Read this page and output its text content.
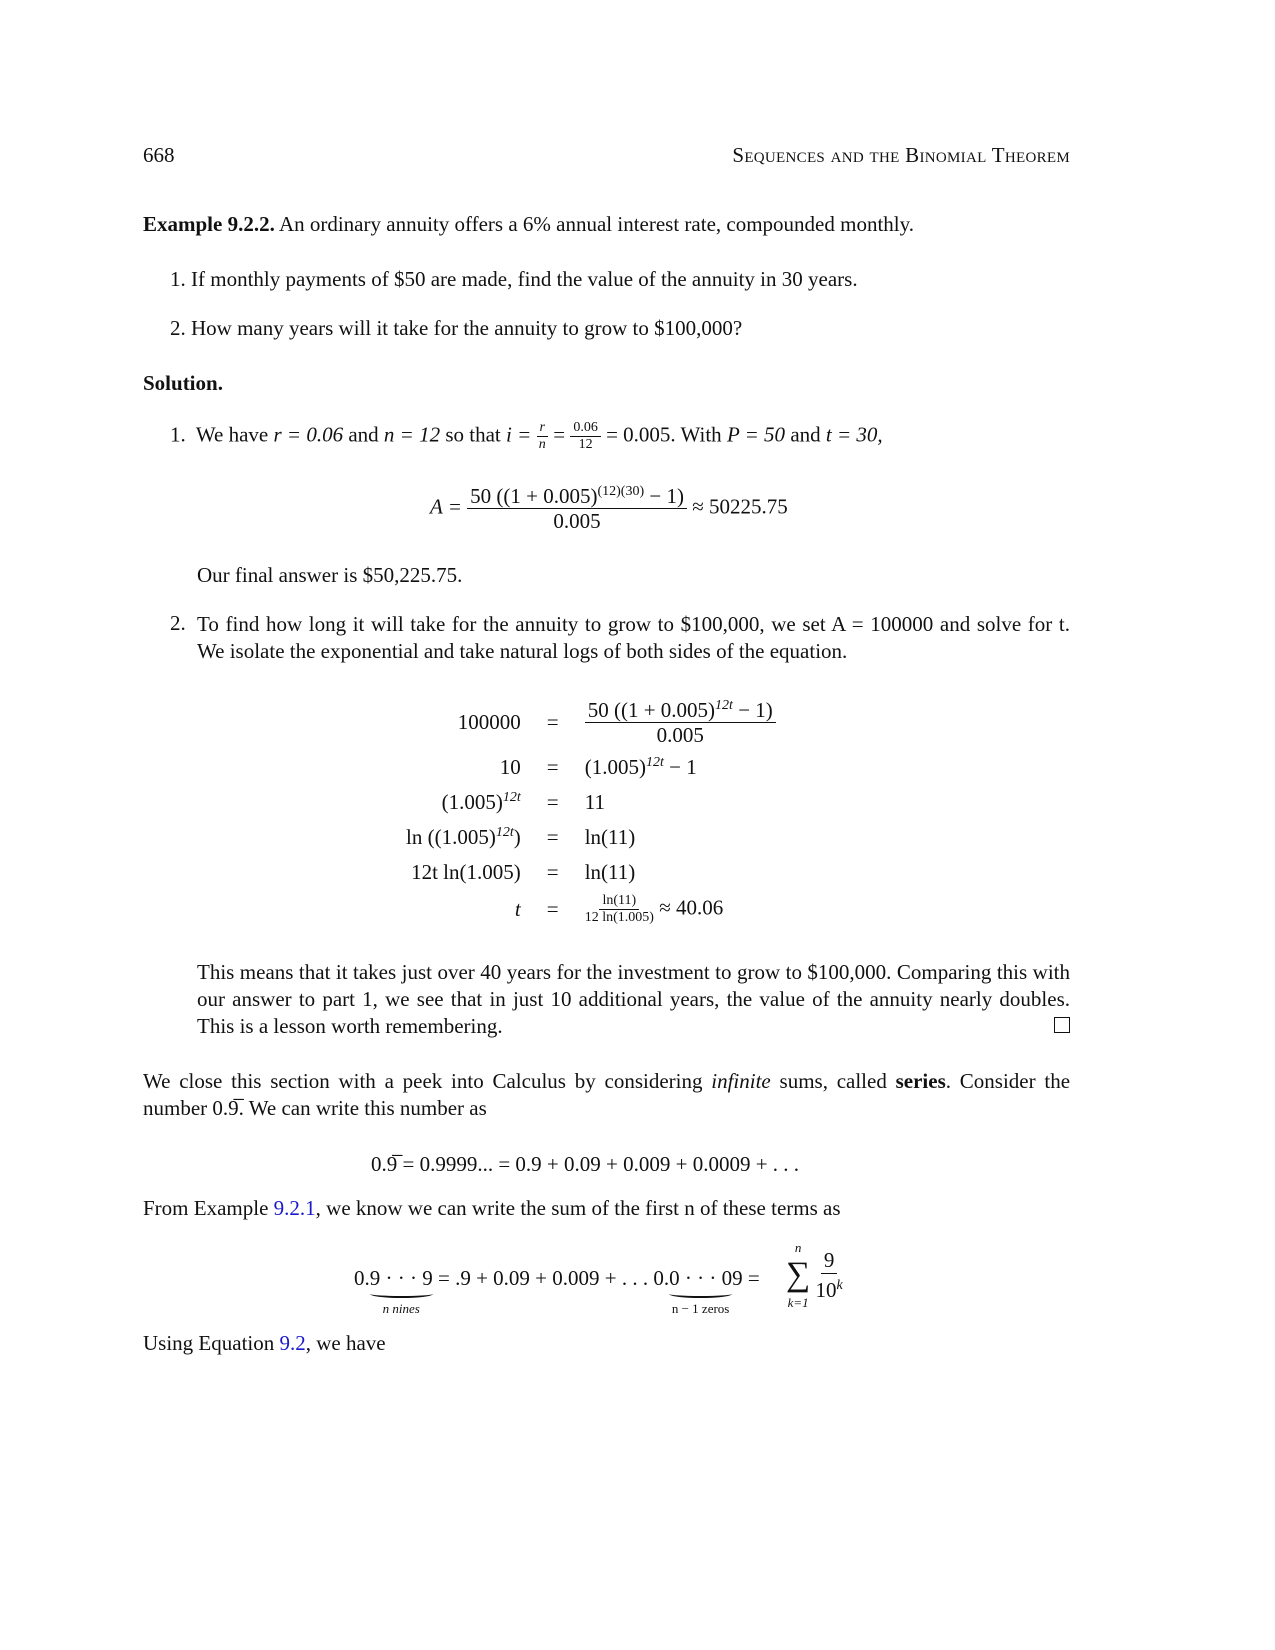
668	Sequences and the Binomial Theorem
Example 9.2.2. An ordinary annuity offers a 6% annual interest rate, compounded monthly.
1. If monthly payments of $50 are made, find the value of the annuity in 30 years.
2. How many years will it take for the annuity to grow to $100,000?
Solution.
1. We have r = 0.06 and n = 12 so that $i = \frac{r}{n} = \frac{0.06}{12} = 0.005$. With P = 50 and t = 30,
$A = \frac{50 ((1 + 0.005)^{(12)(30)} - 1)}{0.005} \approx 50225.75$
Our final answer is $50,225.75.
2. To find how long it will take for the annuity to grow to $100,000, we set A = 100000 and solve for t. We isolate the exponential and take natural logs of both sides of the equation.
100000	=	$\frac{50 ((1 + 0.005)^{12t} - 1)}{0.005}$

10	=	$(1.005)^{12t} - 1$
$(1.005)^{12t}$	=	11
$\ln ((1.005)^{12t})$	=	ln(11)
12t ln(1.005)	=	ln(11)
t	=	$\frac{\ln(11)}{12 \ln(1.005)} \approx 40.06$
This means that it takes just over 40 years for the investment to grow to $100,000. Comparing this with our answer to part 1, we see that in just 10 additional years, the value of the annuity nearly doubles. This is a lesson worth remembering.
We close this section with a peek into Calculus by considering infinite sums, called series. Consider the number 0.9̅. We can write this number as
0.9̅ = 0.9999... = 0.9 + 0.09 + 0.009 + 0.0009 + . . .
From Example 9.2.1, we know we can write the sum of the first n of these terms as
0. 9 · · · 9
n nines
= .9 + 0.09 + 0.009 + . . . 0. 0 · · · 0
n − 1 zeros
9 =
n
∑
k=1

$\frac{9}{10^k}$
Using Equation 9.2, we have
